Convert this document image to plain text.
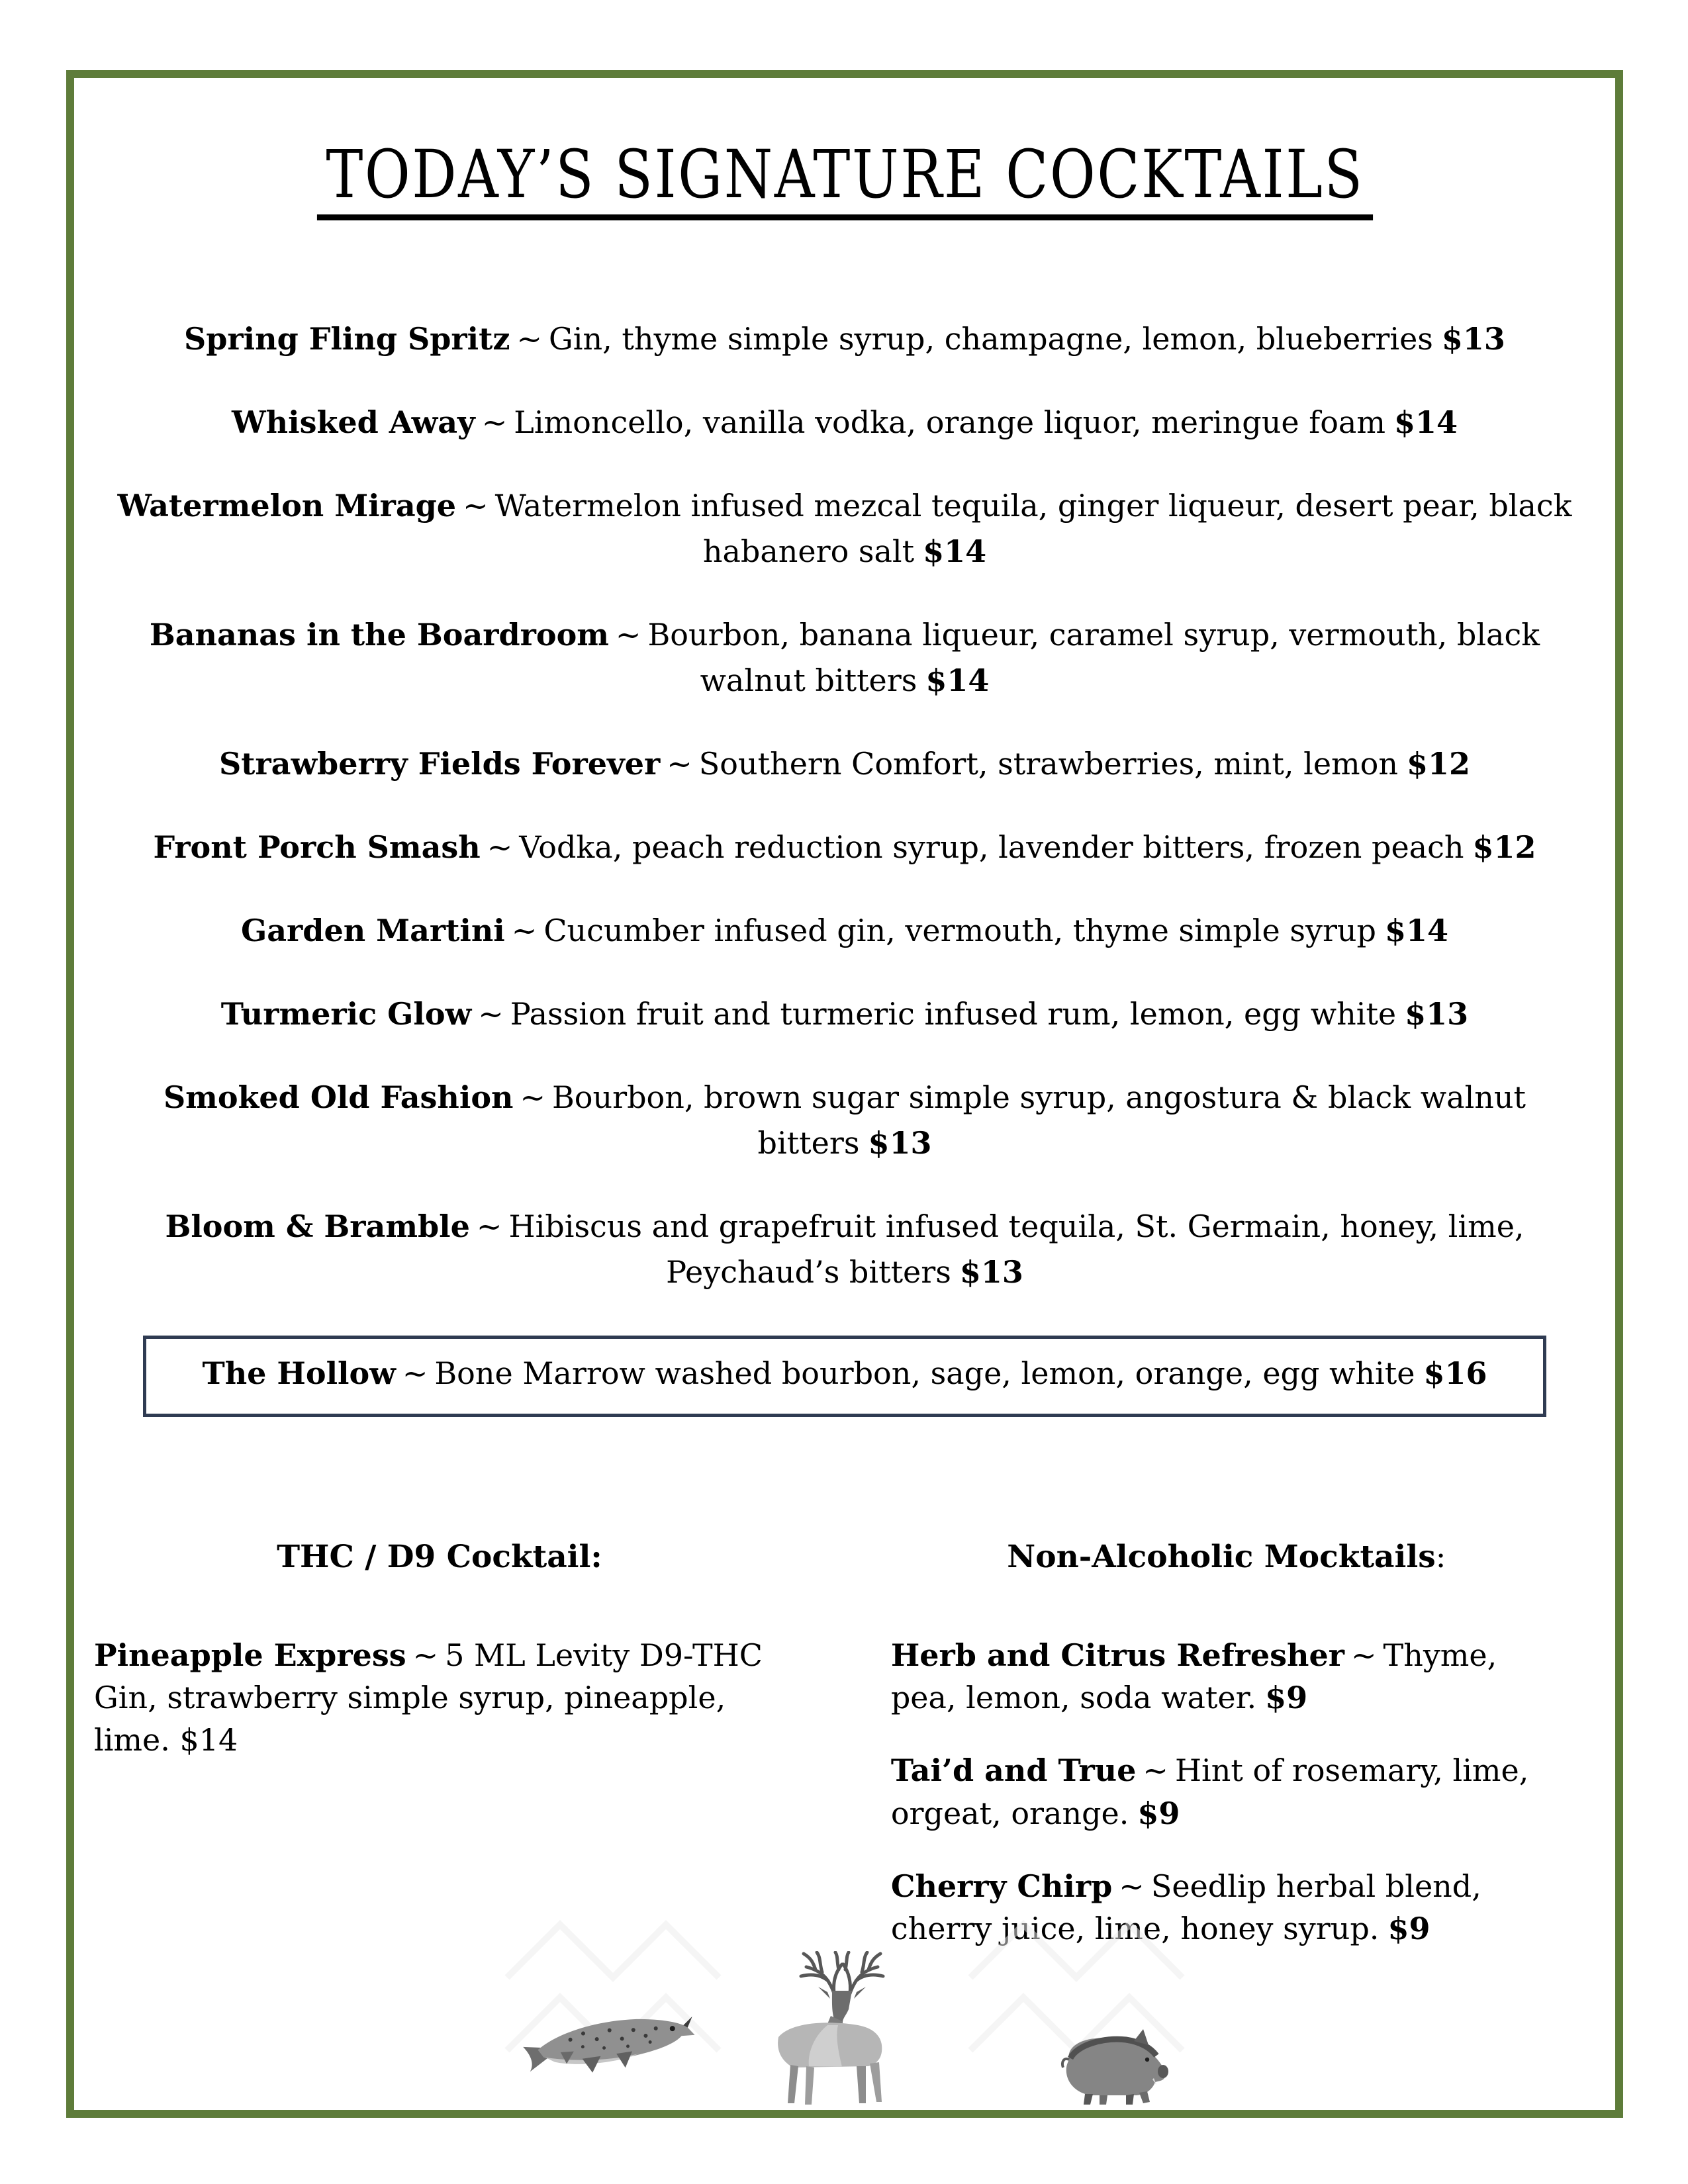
TODAY’S SIGNATURE COCKTAILS

Spring Fling Spritz ~ Gin, thyme simple syrup, champagne, lemon, blueberries $13

Whisked Away ~ Limoncello, vanilla vodka, orange liquor, meringue foam $14

Watermelon Mirage ~ Watermelon infused mezcal tequila, ginger liqueur, desert pear, black habanero salt $14

Bananas in the Boardroom ~ Bourbon, banana liqueur, caramel syrup, vermouth, black walnut bitters $14

Strawberry Fields Forever ~ Southern Comfort, strawberries, mint, lemon $12

Front Porch Smash ~ Vodka, peach reduction syrup, lavender bitters, frozen peach $12

Garden Martini ~ Cucumber infused gin, vermouth, thyme simple syrup $14

Turmeric Glow ~ Passion fruit and turmeric infused rum, lemon, egg white $13

Smoked Old Fashion ~ Bourbon, brown sugar simple syrup, angostura & black walnut bitters $13

Bloom & Bramble ~ Hibiscus and grapefruit infused tequila, St. Germain, honey, lime, Peychaud’s bitters $13

The Hollow ~ Bone Marrow washed bourbon, sage, lemon, orange, egg white $16

THC / D9 Cocktail:

Pineapple Express ~ 5 ML Levity D9-THC Gin, strawberry simple syrup, pineapple, lime. $14

Non-Alcoholic Mocktails:

Herb and Citrus Refresher ~ Thyme, pea, lemon, soda water. $9

Tai’d and True ~ Hint of rosemary, lime, orgeat, orange. $9

Cherry Chirp ~ Seedlip herbal blend, cherry juice, lime, honey syrup. $9
